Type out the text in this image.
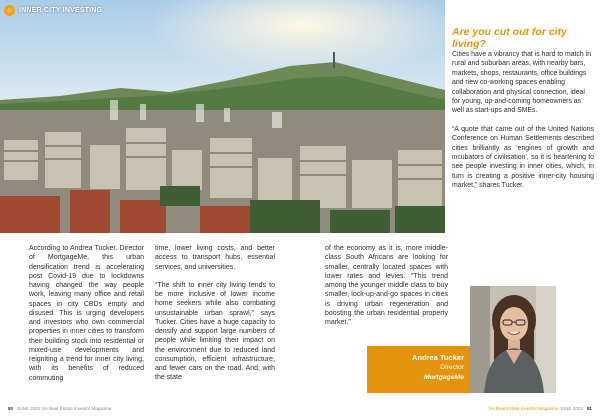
⌂	INNER CITY INVESTING
Are you cut out for city living?

Cities have a vibrancy that is hard to match in rural and suburban areas, with nearby bars, markets, shops, restaurants, office buildings and new co-working spaces enabling collaboration and physical connection, ideal for young, up-and-coming homeowners as well as start-ups and SMEs.

“A quote that came out of the United Nations Conference on Human Settlements described cities brilliantly as ‘engines of growth and incubators of civilisation’, so it is heartening to see people investing in inner cities, which, in turn is creating a positive inner-city housing market,” shares Tucker.

According to Andrea Tucker, Director of MortgageMe, this urban densification trend is accelerating post Covid-19 due to lockdowns having changed the way people work, leaving many office and retail spaces in city CBDs empty and disused. This is urging developers and investors who own commercial properties in inner cities to transform their building stock into residential or mixed-use developments and reigniting a trend for inner city living, with its benefits of reduced commuting

time, lower living costs, and better access to transport hubs, essential services, and universities.

“The shift to inner city living tends to be more inclusive of lower income home seekers while also combating unsustainable urban sprawl,” says Tucker. Cities have a huge capacity to densify and support large numbers of people while limiting their impact on the environment due to reduced land consumption, efficient infrastructure, and fewer cars on the road. And, with the state

of the economy as it is, more middle-class South Africans are looking for smaller, centrally located spaces with lower rates and levies. “This trend among the younger middle class to buy smaller, lock-up-and-go spaces in cities is driving urban regeneration and boosting the urban residential property market.”

Andrea Tucker
Director
MortgageMe
80 JUNE 2022 SA Real Estate Investor Magazine	SA Real Estate Investor Magazine JUNE 2022 81
